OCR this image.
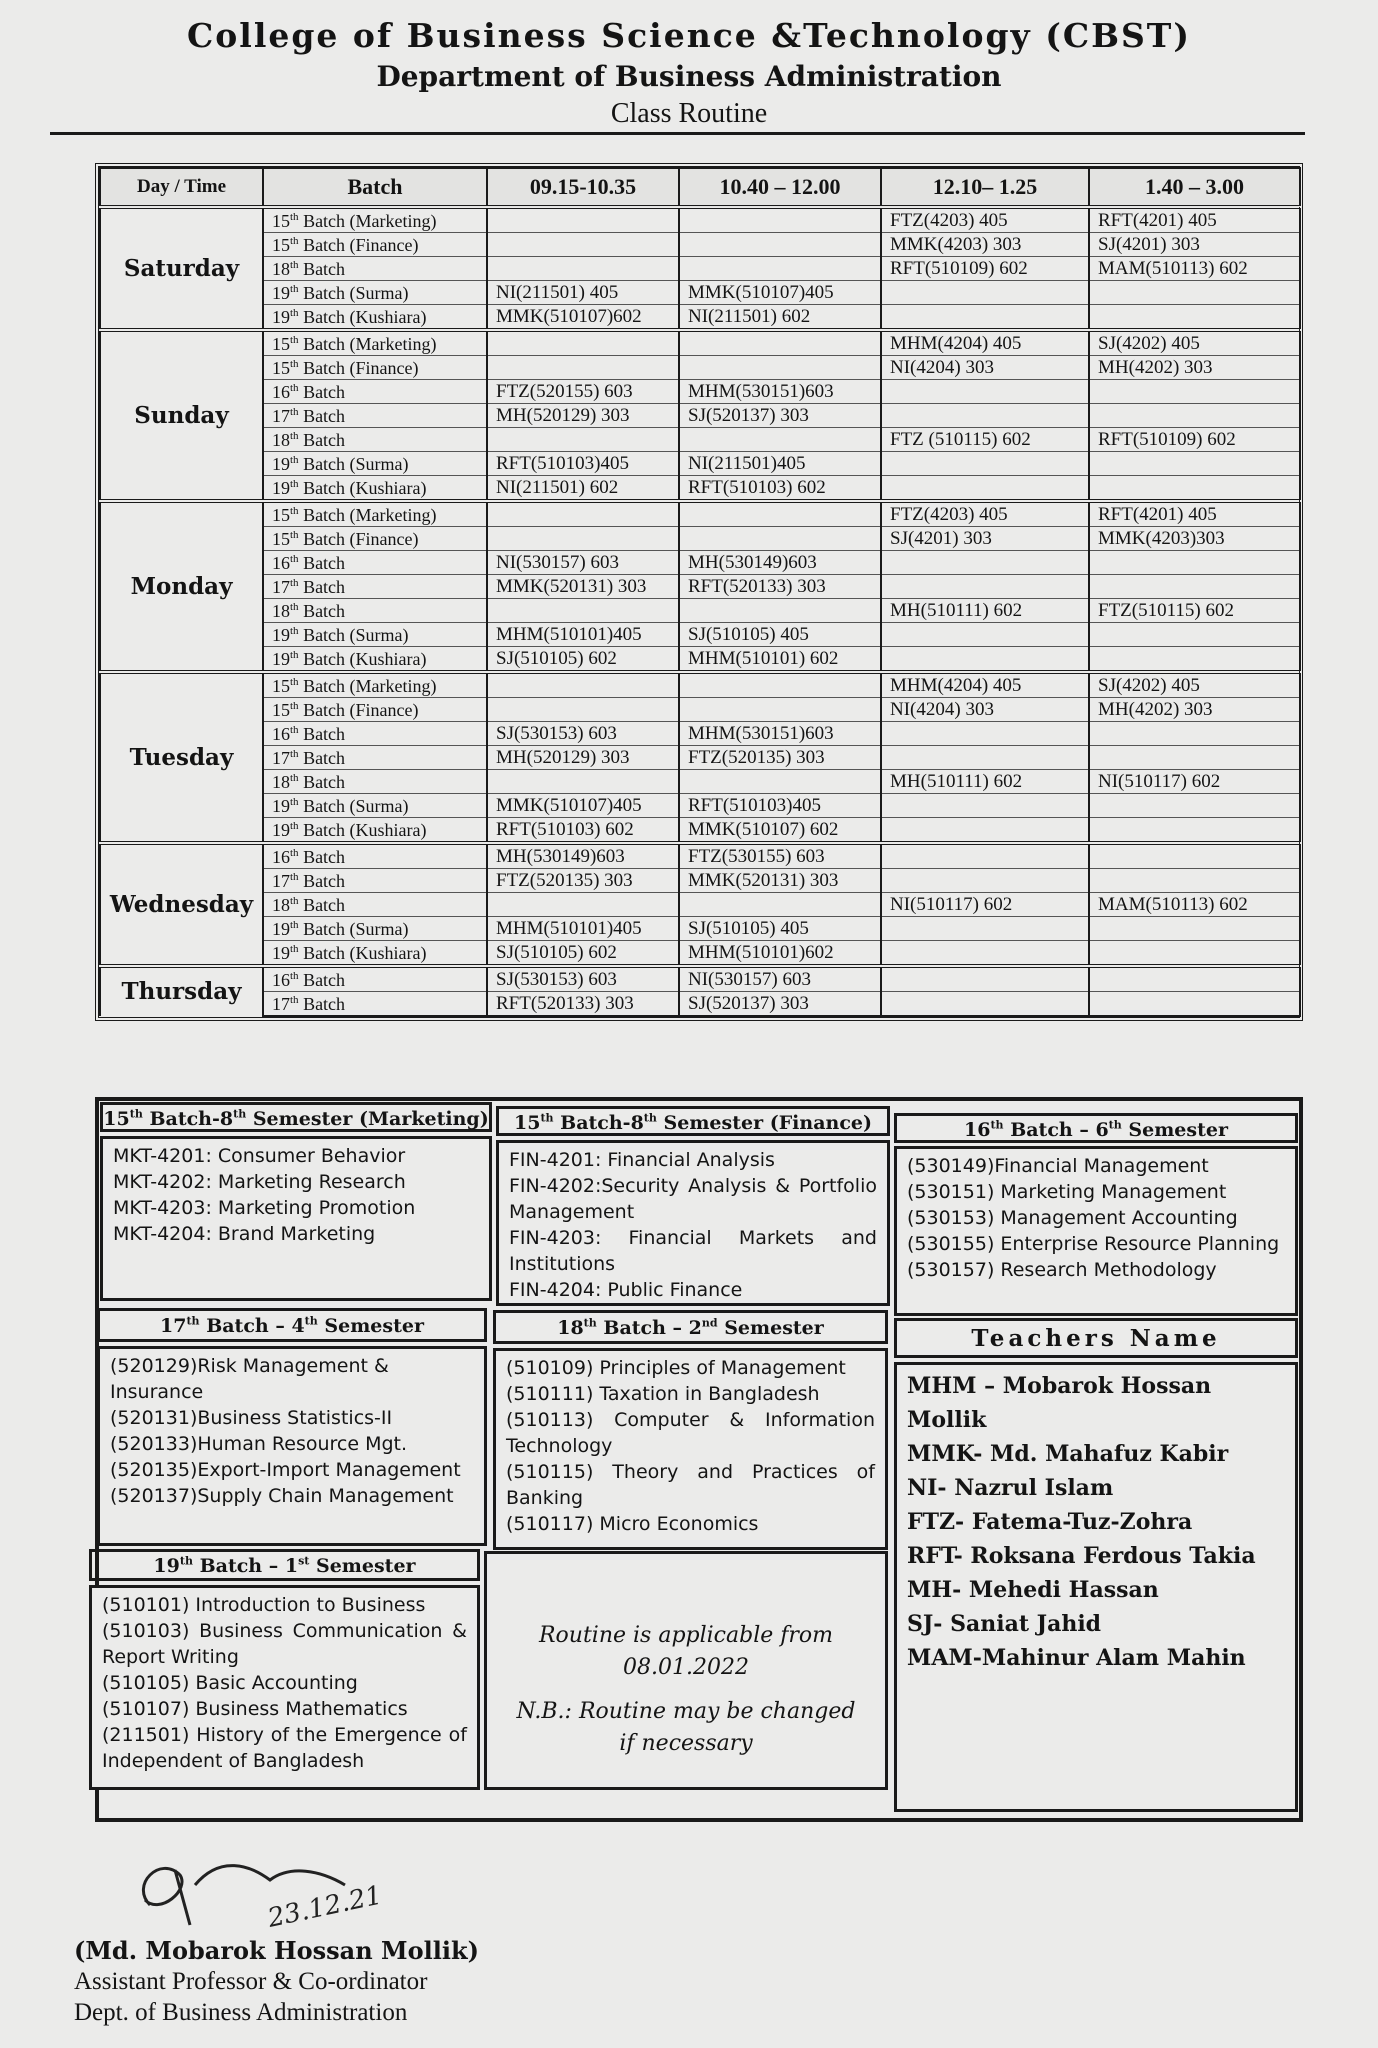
College of Business Science &Technology (CBST)

Department of Business Administration

Class Routine

Day / Time	Batch	09.15-10.35	10.40 – 12.00	12.10– 1.25	1.40 – 3.00
Saturday	15th Batch (Marketing)			FTZ(4203) 405	RFT(4201) 405
	15th Batch (Finance)			MMK(4203) 303	SJ(4201) 303
	18th Batch			RFT(510109) 602	MAM(510113) 602
	19th Batch (Surma)	NI(211501) 405	MMK(510107)405		
	19th Batch (Kushiara)	MMK(510107)602	NI(211501) 602		
Sunday	15th Batch (Marketing)			MHM(4204) 405	SJ(4202) 405
	15th Batch (Finance)			NI(4204) 303	MH(4202) 303
	16th Batch	FTZ(520155) 603	MHM(530151)603		
	17th Batch	MH(520129) 303	SJ(520137) 303		
	18th Batch			FTZ (510115) 602	RFT(510109) 602
	19th Batch (Surma)	RFT(510103)405	NI(211501)405		
	19th Batch (Kushiara)	NI(211501) 602	RFT(510103) 602		
Monday	15th Batch (Marketing)			FTZ(4203) 405	RFT(4201) 405
	15th Batch (Finance)			SJ(4201) 303	MMK(4203)303
	16th Batch	NI(530157) 603	MH(530149)603		
	17th Batch	MMK(520131) 303	RFT(520133) 303		
	18th Batch			MH(510111) 602	FTZ(510115) 602
	19th Batch (Surma)	MHM(510101)405	SJ(510105) 405		
	19th Batch (Kushiara)	SJ(510105) 602	MHM(510101) 602		
Tuesday	15th Batch (Marketing)			MHM(4204) 405	SJ(4202) 405
	15th Batch (Finance)			NI(4204) 303	MH(4202) 303
	16th Batch	SJ(530153) 603	MHM(530151)603		
	17th Batch	MH(520129) 303	FTZ(520135) 303		
	18th Batch			MH(510111) 602	NI(510117) 602
	19th Batch (Surma)	MMK(510107)405	RFT(510103)405		
	19th Batch (Kushiara)	RFT(510103) 602	MMK(510107) 602		
Wednesday	16th Batch	MH(530149)603	FTZ(530155) 603		
	17th Batch	FTZ(520135) 303	MMK(520131) 303		
	18th Batch			NI(510117) 602	MAM(510113) 602
	19th Batch (Surma)	MHM(510101)405	SJ(510105) 405		
	19th Batch (Kushiara)	SJ(510105) 602	MHM(510101)602		
Thursday	16th Batch	SJ(530153) 603	NI(530157) 603		
	17th Batch	RFT(520133) 303	SJ(520137) 303		
15th Batch-8th Semester (Marketing)
MKT-4201: Consumer Behavior
MKT-4202: Marketing Research
MKT-4203: Marketing Promotion
MKT-4204: Brand Marketing
15th Batch-8th Semester (Finance)
FIN-4201: Financial Analysis
FIN-4202:Security Analysis & Portfolio Management
FIN-4203: Financial Markets and Institutions
FIN-4204: Public Finance
16th Batch – 6th Semester
(530149)Financial Management
(530151) Marketing Management
(530153) Management Accounting
(530155) Enterprise Resource Planning
(530157) Research Methodology
17th Batch – 4th Semester
(520129)Risk Management & Insurance
(520131)Business Statistics-II
(520133)Human Resource Mgt.
(520135)Export-Import Management
(520137)Supply Chain Management
18th Batch – 2nd Semester
(510109) Principles of Management
(510111) Taxation in Bangladesh
(510113) Computer & Information Technology
(510115) Theory and Practices of Banking
(510117) Micro Economics
Teachers Name
MHM – Mobarok Hossan Mollik
MMK- Md. Mahafuz Kabir
NI- Nazrul Islam
FTZ- Fatema-Tuz-Zohra
RFT- Roksana Ferdous Takia
MH- Mehedi Hassan
SJ- Saniat Jahid
MAM-Mahinur Alam Mahin
19th Batch – 1st Semester
(510101) Introduction to Business
(510103) Business Communication & Report Writing
(510105) Basic Accounting
(510107) Business Mathematics
(211501) History of the Emergence of Independent of Bangladesh
Routine is applicable from 08.01.2022
N.B.: Routine may be changed
if necessary
23.12.21
(Md. Mobarok Hossan Mollik)
Assistant Professor & Co-ordinator
Dept. of Business Administration
